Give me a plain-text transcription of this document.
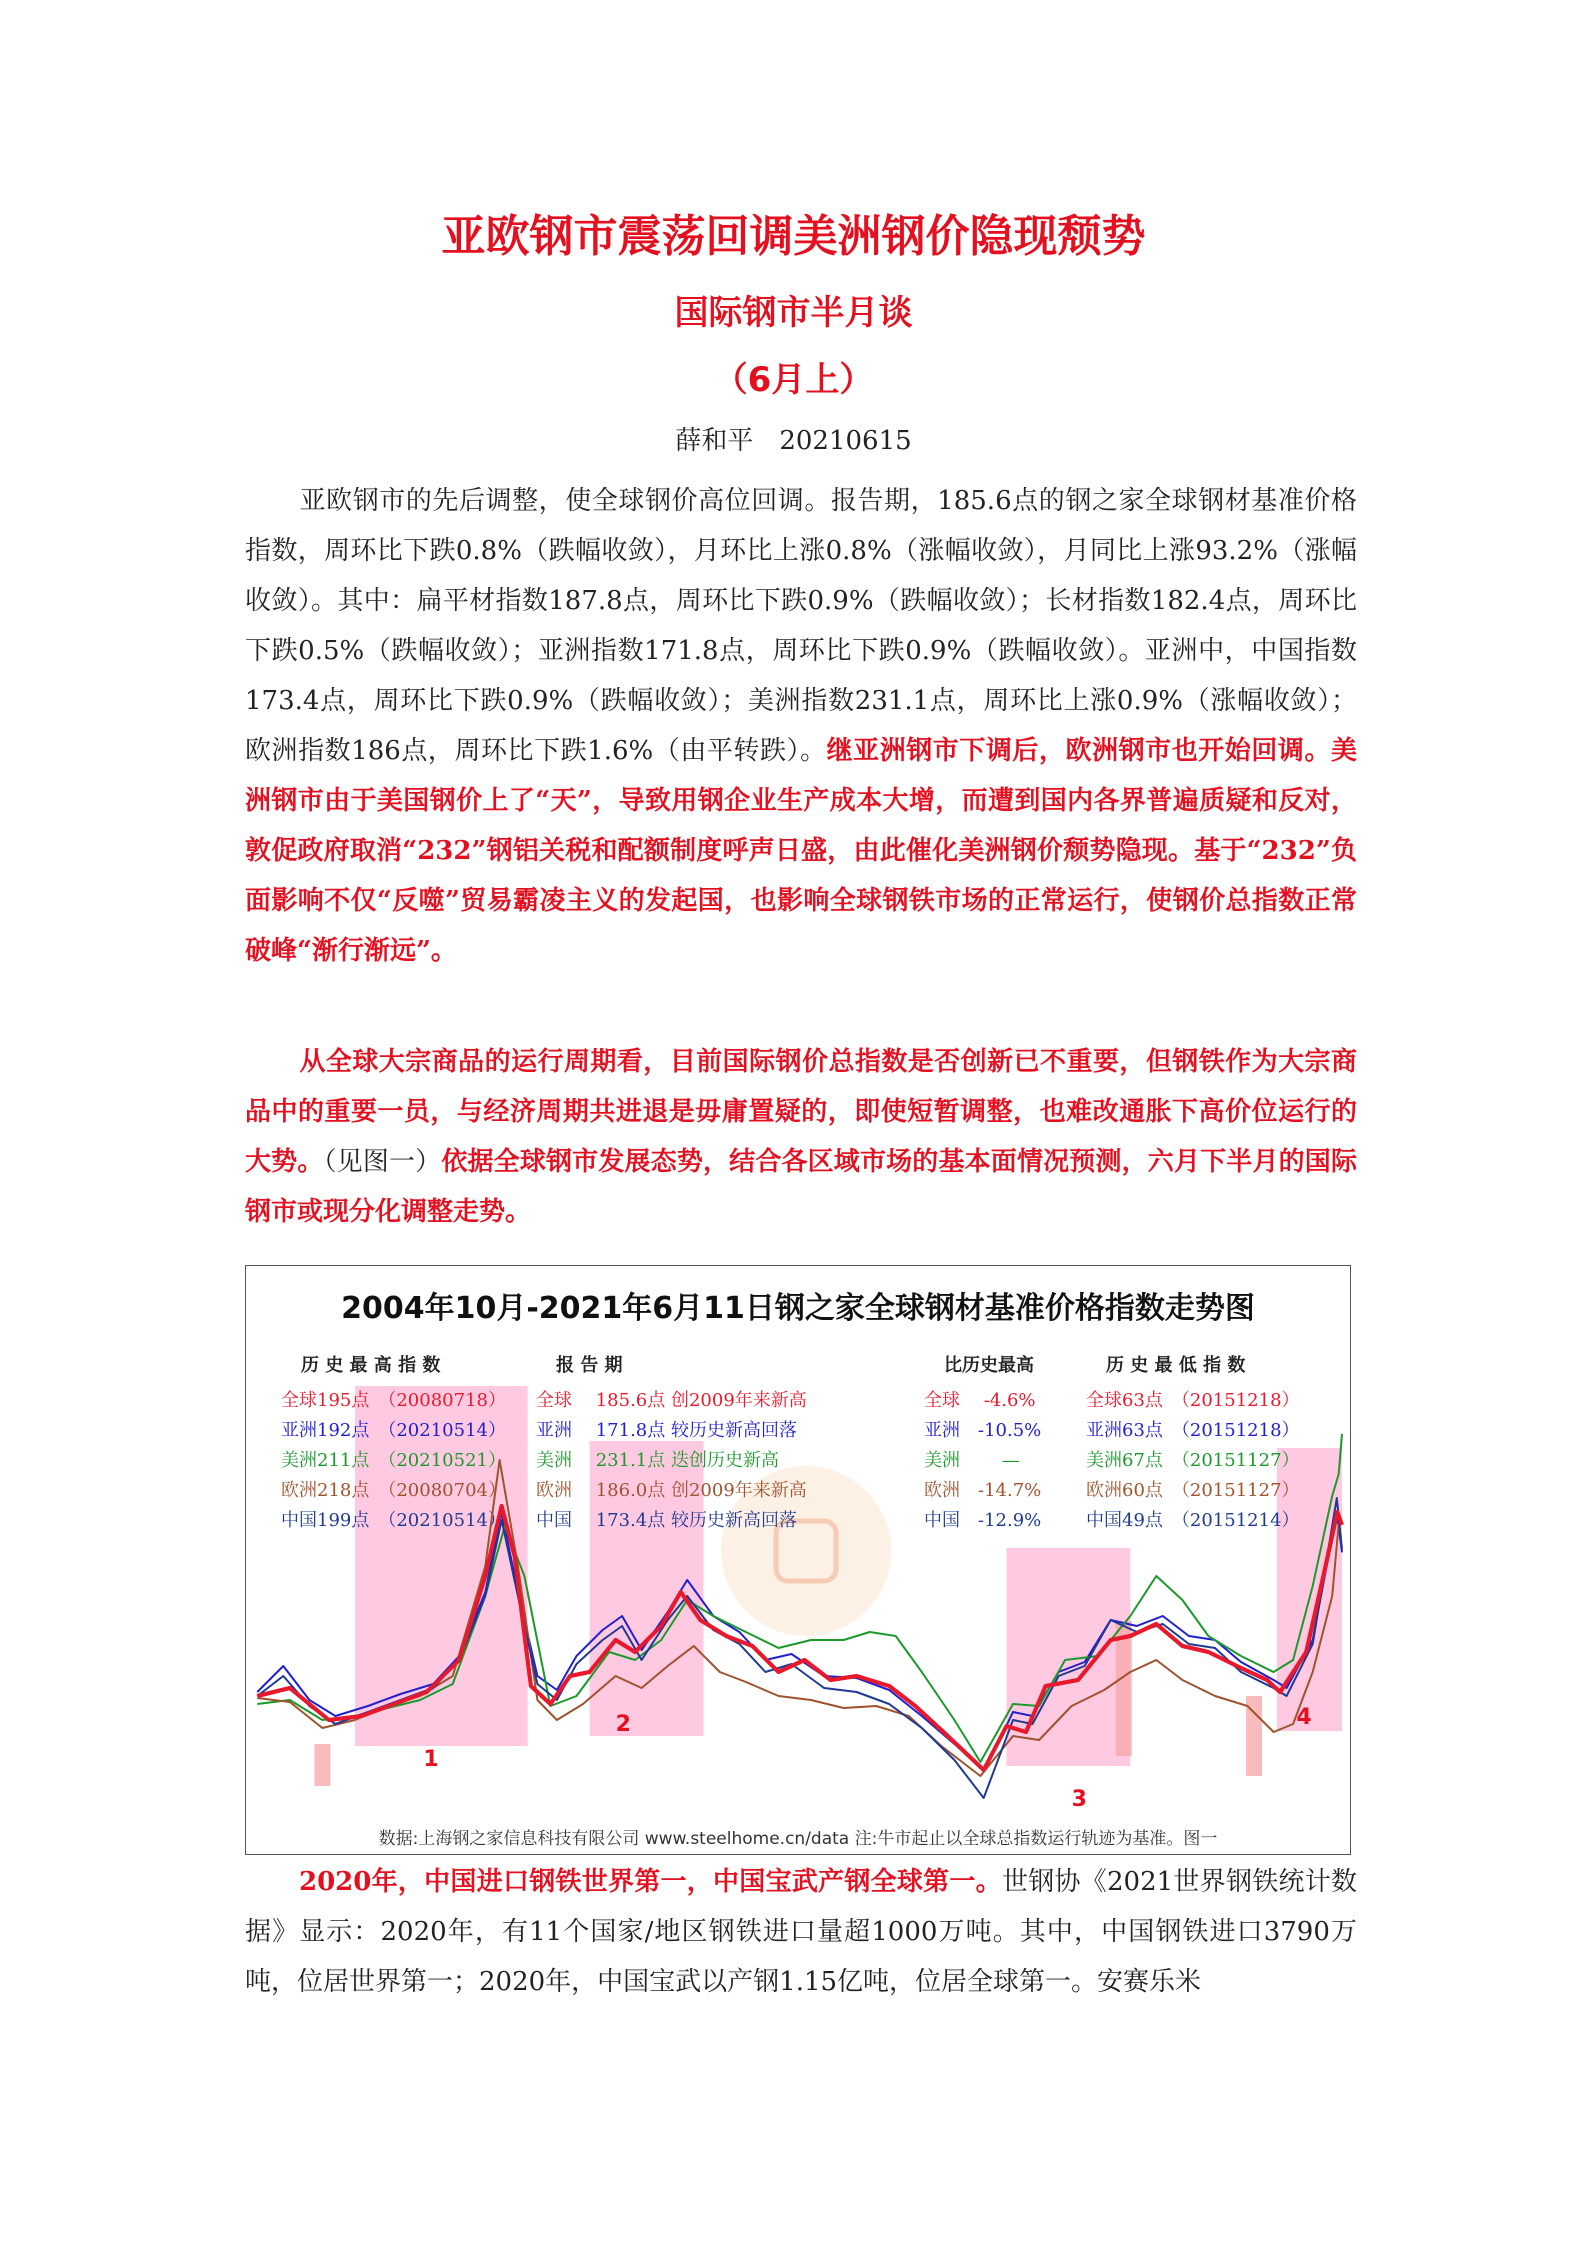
亚欧钢市震荡回调美洲钢价隐现颓势
国际钢市半月谈
（6月上）
薛和平　20210615

亚欧钢市的先后调整，使全球钢价高位回调。报告期，185.6点的钢之家全球钢材基准价格指数，周环比下跌0.8%（跌幅收敛），月环比上涨0.8%（涨幅收敛），月同比上涨93.2%（涨幅收敛）。其中：扁平材指数187.8点，周环比下跌0.9%（跌幅收敛）；长材指数182.4点，周环比下跌0.5%（跌幅收敛）；亚洲指数171.8点，周环比下跌0.9%（跌幅收敛）。亚洲中，中国指数173.4点，周环比下跌0.9%（跌幅收敛）；美洲指数231.1点，周环比上涨0.9%（涨幅收敛）；欧洲指数186点，周环比下跌1.6%（由平转跌）。继亚洲钢市下调后，欧洲钢市也开始回调。美洲钢市由于美国钢价上了“天”，导致用钢企业生产成本大增，而遭到国内各界普遍质疑和反对，敦促政府取消“232”钢铝关税和配额制度呼声日盛，由此催化美洲钢价颓势隐现。基于“232”负面影响不仅“反噬”贸易霸凌主义的发起国，也影响全球钢铁市场的正常运行，使钢价总指数正常破峰“渐行渐远”。

从全球大宗商品的运行周期看，目前国际钢价总指数是否创新已不重要，但钢铁作为大宗商品中的重要一员，与经济周期共进退是毋庸置疑的，即使短暂调整，也难改通胀下高价位运行的大势。（见图一）依据全球钢市发展态势，结合各区域市场的基本面情况预测，六月下半月的国际钢市或现分化调整走势。

2004年10月-2021年6月11日钢之家全球钢材基准价格指数走势图
历 史 最 高 指 数	报 告 期	比历史最高	历 史 最 低 指 数
全球195点　（20080718） 全球　 185.6点 创2009年来新高	全球　 -4.6%	全球63点　（20151218）
亚洲192点　（20210514） 亚洲　 171.8点 较历史新高回落	亚洲　-10.5% 亚洲63点　（20151218）
美洲211点　（20210521） 美洲　 231.1点 迭创历史新高	美洲　　 —	美洲67点　（20151127）
欧洲218点　（20080704） 欧洲　 186.0点 创2009年来新高	欧洲　-14.7% 欧洲60点　（20151127）
中国199点　（20210514） 中国　 173.4点 较历史新高回落	中国　-12.9% 中国49点　（20151214）
1
2
3
4
数据:上海钢之家信息科技有限公司 www.steelhome.cn/data 注:牛市起止以全球总指数运行轨迹为基准。图一

2020年，中国进口钢铁世界第一，中国宝武产钢全球第一。世钢协《2021世界钢铁统计数据》显示：2020年，有11个国家/地区钢铁进口量超1000万吨。其中，中国钢铁进口3790万吨，位居世界第一；2020年，中国宝武以产钢1.15亿吨，位居全球第一。安赛乐米
